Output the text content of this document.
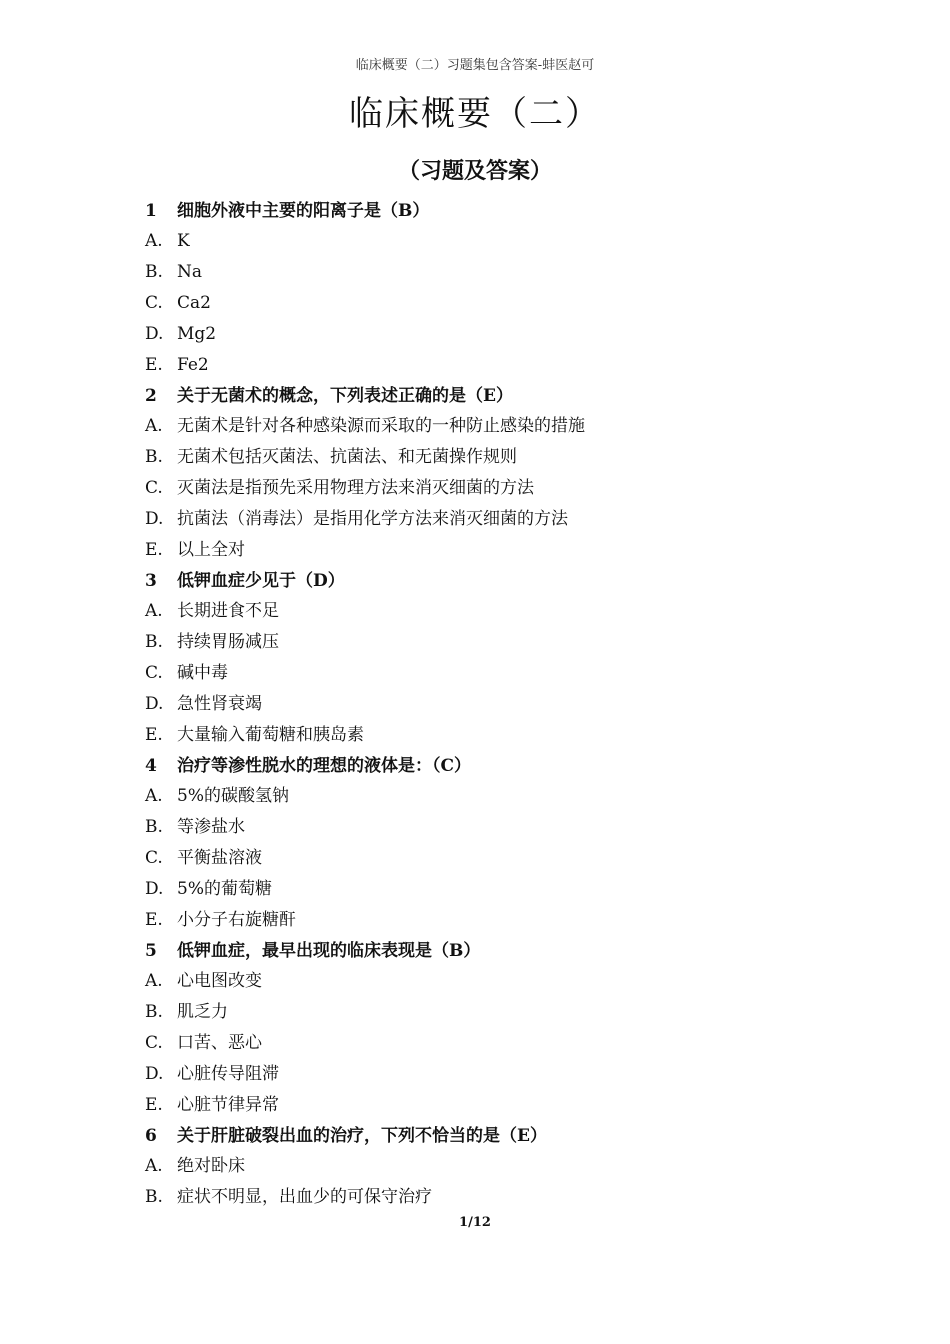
临床概要（二）习题集包含答案-蚌医赵可
临床概要（二）
（习题及答案）
1 细胞外液中主要的阳离子是（B）
A. K
B. Na
C. Ca2
D. Mg2
E. Fe2
2 关于无菌术的概念，下列表述正确的是（E）
A. 无菌术是针对各种感染源而采取的一种防止感染的措施
B. 无菌术包括灭菌法、抗菌法、和无菌操作规则
C. 灭菌法是指预先采用物理方法来消灭细菌的方法
D. 抗菌法（消毒法）是指用化学方法来消灭细菌的方法
E. 以上全对
3 低钾血症少见于（D）
A. 长期进食不足
B. 持续胃肠减压
C. 碱中毒
D. 急性肾衰竭
E. 大量输入葡萄糖和胰岛素
4 治疗等渗性脱水的理想的液体是：（C）
A. 5%的碳酸氢钠
B. 等渗盐水
C. 平衡盐溶液
D. 5%的葡萄糖
E. 小分子右旋糖酐
5 低钾血症，最早出现的临床表现是（B）
A. 心电图改变
B. 肌乏力
C. 口苦、恶心
D. 心脏传导阻滞
E. 心脏节律异常
6 关于肝脏破裂出血的治疗，下列不恰当的是（E）
A. 绝对卧床
B. 症状不明显，出血少的可保守治疗
1/12
